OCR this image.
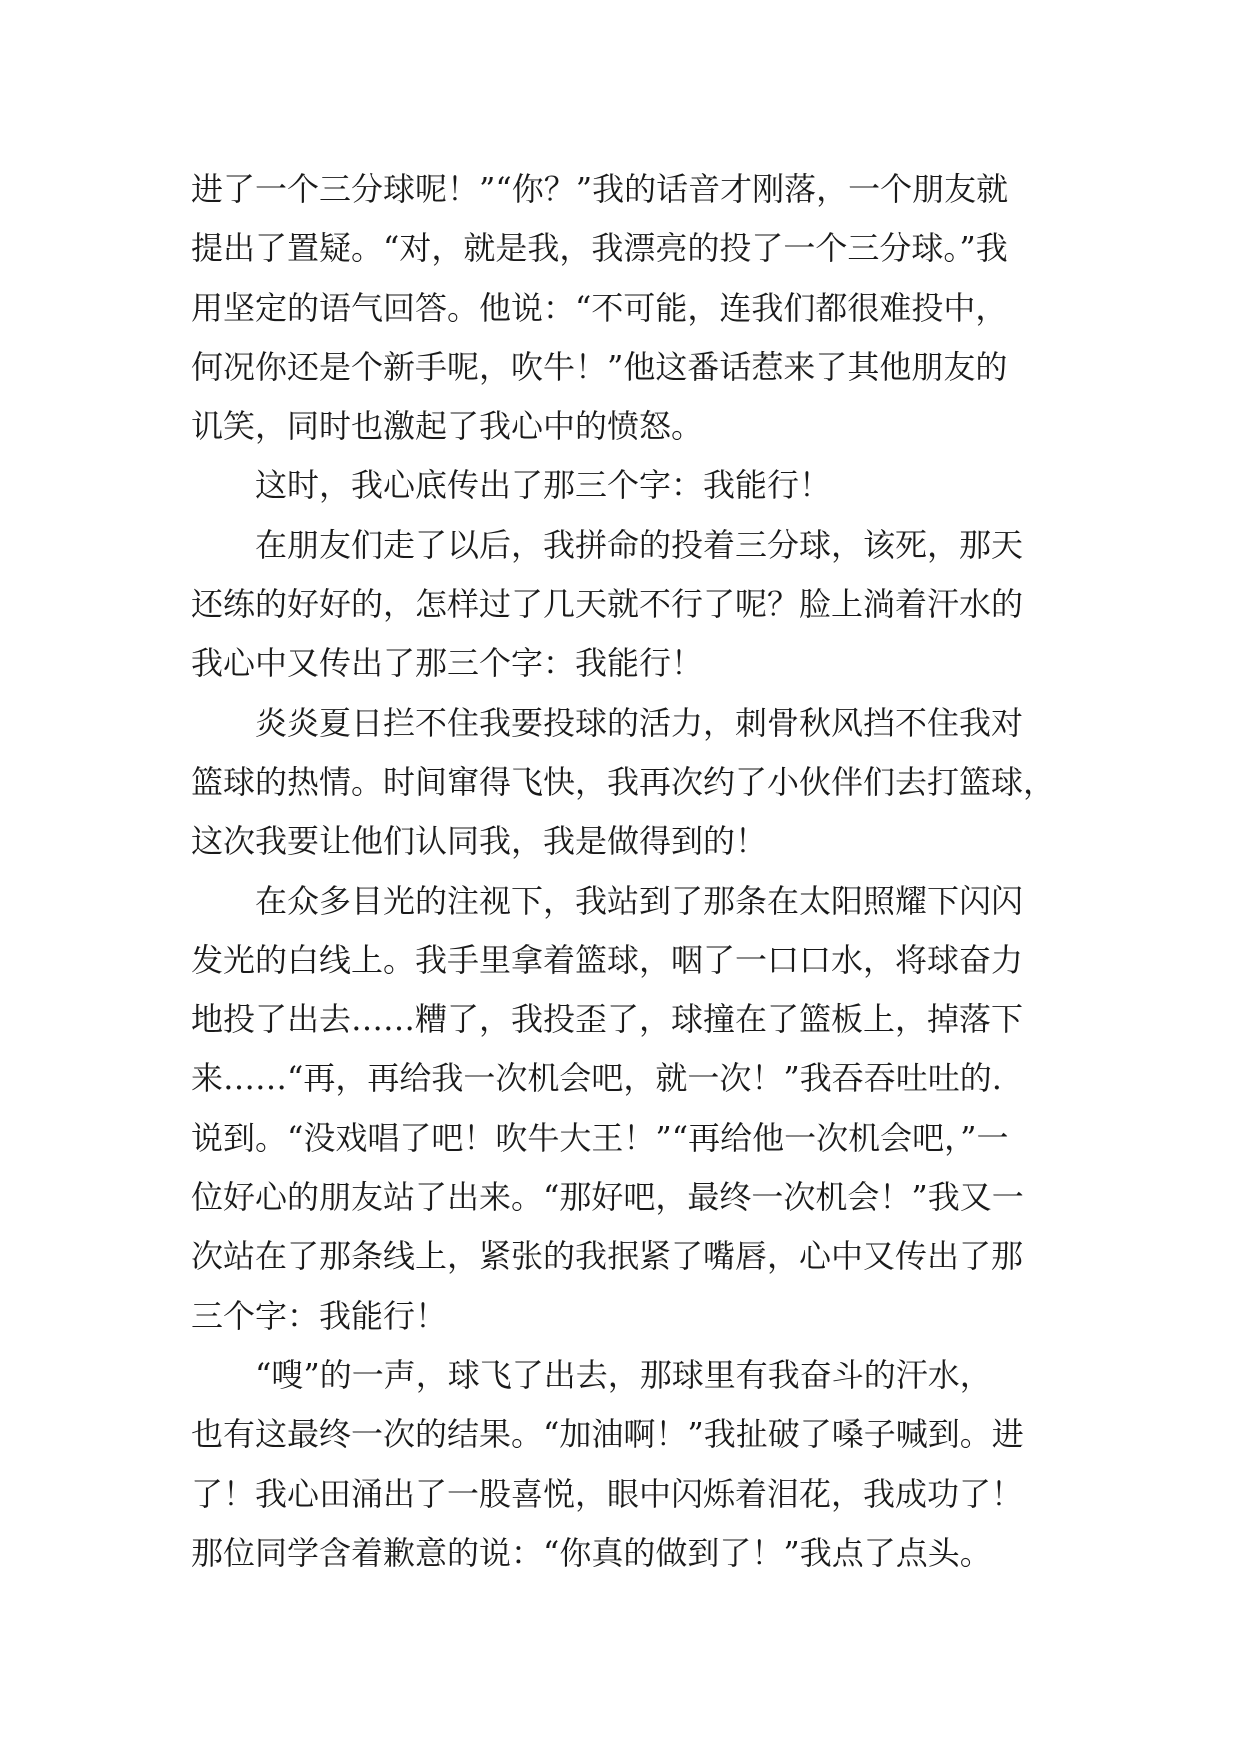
进了一个三分球呢！”“你？”我的话音才刚落，一个朋友就
提出了置疑。“对，就是我，我漂亮的投了一个三分球。”我
用坚定的语气回答。他说：“不可能，连我们都很难投中，
何况你还是个新手呢，吹牛！”他这番话惹来了其他朋友的
讥笑，同时也激起了我心中的愤怒。
这时，我心底传出了那三个字：我能行！
在朋友们走了以后，我拼命的投着三分球，该死，那天
还练的好好的，怎样过了几天就不行了呢？脸上淌着汗水的
我心中又传出了那三个字：我能行！
炎炎夏日拦不住我要投球的活力，刺骨秋风挡不住我对
篮球的热情。时间窜得飞快，我再次约了小伙伴们去打篮球，
这次我要让他们认同我，我是做得到的！
在众多目光的注视下，我站到了那条在太阳照耀下闪闪
发光的白线上。我手里拿着篮球，咽了一口口水，将球奋力
地投了出去……糟了，我投歪了，球撞在了篮板上，掉落下
来……“再，再给我一次机会吧，就一次！”我吞吞吐吐的.
说到。“没戏唱了吧！吹牛大王！”“再给他一次机会吧，”一
位好心的朋友站了出来。“那好吧，最终一次机会！”我又一
次站在了那条线上，紧张的我抿紧了嘴唇，心中又传出了那
三个字：我能行！
“嗖”的一声，球飞了出去，那球里有我奋斗的汗水，
也有这最终一次的结果。“加油啊！”我扯破了嗓子喊到。进
了！我心田涌出了一股喜悦，眼中闪烁着泪花，我成功了！
那位同学含着歉意的说：“你真的做到了！”我点了点头。
